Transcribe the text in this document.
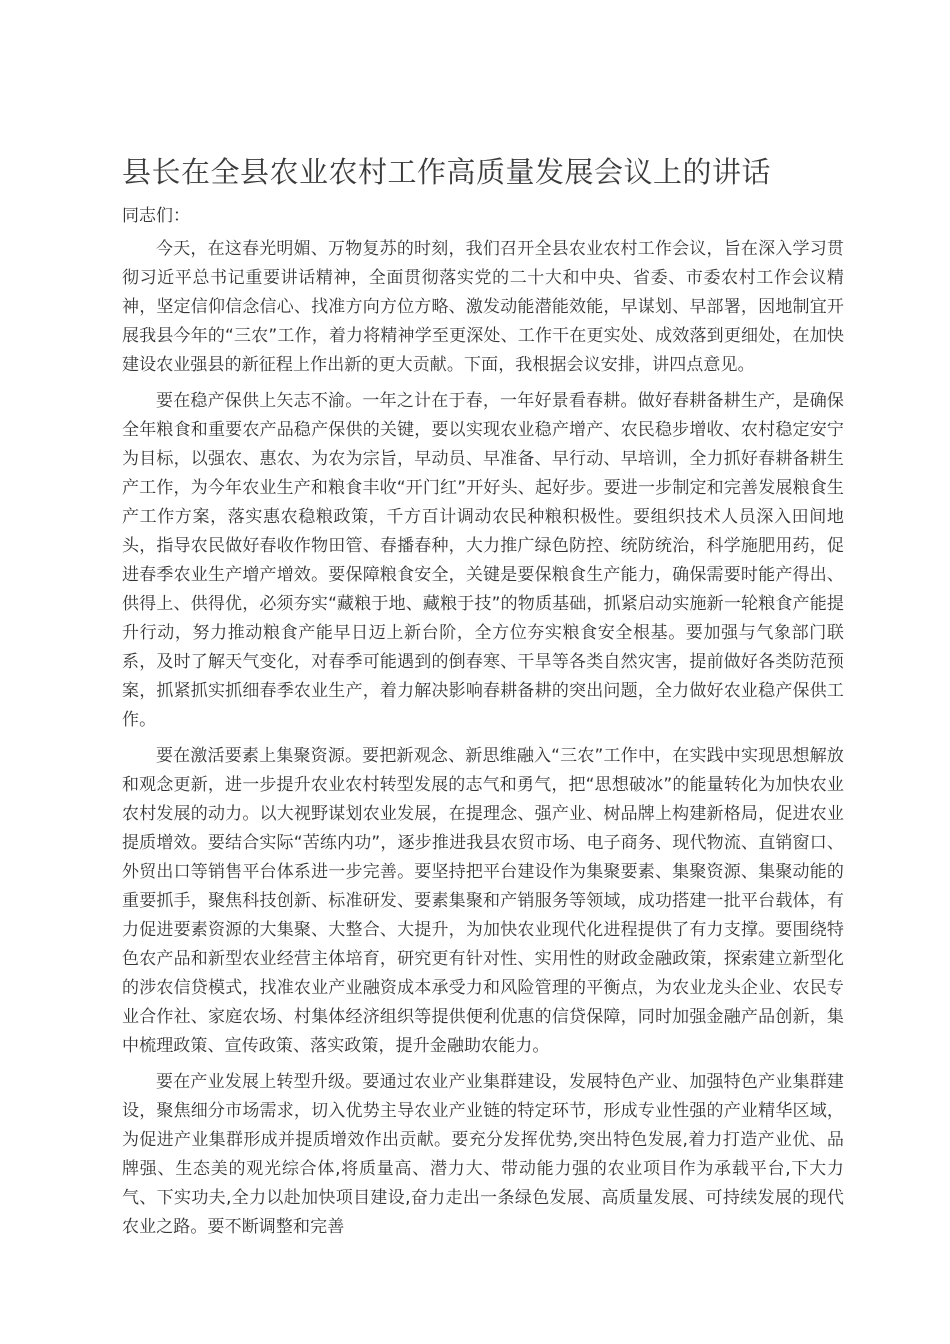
县长在全县农业农村工作高质量发展会议上的讲话

同志们：

今天，在这春光明媚、万物复苏的时刻，我们召开全县农业农村工作会议，旨在深入学习贯彻习近平总书记重要讲话精神，全面贯彻落实党的二十大和中央、省委、市委农村工作会议精神，坚定信仰信念信心、找准方向方位方略、激发动能潜能效能，早谋划、早部署，因地制宜开展我县今年的“三农”工作，着力将精神学至更深处、工作干在更实处、成效落到更细处，在加快建设农业强县的新征程上作出新的更大贡献。下面，我根据会议安排，讲四点意见。

要在稳产保供上矢志不渝。一年之计在于春，一年好景看春耕。做好春耕备耕生产，是确保全年粮食和重要农产品稳产保供的关键，要以实现农业稳产增产、农民稳步增收、农村稳定安宁为目标，以强农、惠农、为农为宗旨，早动员、早准备、早行动、早培训，全力抓好春耕备耕生产工作，为今年农业生产和粮食丰收“开门红”开好头、起好步。要进一步制定和完善发展粮食生产工作方案，落实惠农稳粮政策，千方百计调动农民种粮积极性。要组织技术人员深入田间地头，指导农民做好春收作物田管、春播春种，大力推广绿色防控、统防统治，科学施肥用药，促进春季农业生产增产增效。要保障粮食安全，关键是要保粮食生产能力，确保需要时能产得出、供得上、供得优，必须夯实“藏粮于地、藏粮于技”的物质基础，抓紧启动实施新一轮粮食产能提升行动，努力推动粮食产能早日迈上新台阶，全方位夯实粮食安全根基。要加强与气象部门联系，及时了解天气变化，对春季可能遇到的倒春寒、干旱等各类自然灾害，提前做好各类防范预案，抓紧抓实抓细春季农业生产，着力解决影响春耕备耕的突出问题，全力做好农业稳产保供工作。

要在激活要素上集聚资源。要把新观念、新思维融入“三农”工作中，在实践中实现思想解放和观念更新，进一步提升农业农村转型发展的志气和勇气，把“思想破冰”的能量转化为加快农业农村发展的动力。以大视野谋划农业发展，在提理念、强产业、树品牌上构建新格局，促进农业提质增效。要结合实际“苦练内功”，逐步推进我县农贸市场、电子商务、现代物流、直销窗口、外贸出口等销售平台体系进一步完善。要坚持把平台建设作为集聚要素、集聚资源、集聚动能的重要抓手，聚焦科技创新、标准研发、要素集聚和产销服务等领域，成功搭建一批平台载体，有力促进要素资源的大集聚、大整合、大提升，为加快农业现代化进程提供了有力支撑。要围绕特色农产品和新型农业经营主体培育，研究更有针对性、实用性的财政金融政策，探索建立新型化的涉农信贷模式，找准农业产业融资成本承受力和风险管理的平衡点，为农业龙头企业、农民专业合作社、家庭农场、村集体经济组织等提供便利优惠的信贷保障，同时加强金融产品创新，集中梳理政策、宣传政策、落实政策，提升金融助农能力。

要在产业发展上转型升级。要通过农业产业集群建设，发展特色产业、加强特色产业集群建设，聚焦细分市场需求，切入优势主导农业产业链的特定环节，形成专业性强的产业精华区域，为促进产业集群形成并提质增效作出贡献。要充分发挥优势,突出特色发展,着力打造产业优、品牌强、生态美的观光综合体,将质量高、潜力大、带动能力强的农业项目作为承载平台,下大力气、下实功夫,全力以赴加快项目建设,奋力走出一条绿色发展、高质量发展、可持续发展的现代农业之路。要不断调整和完善
